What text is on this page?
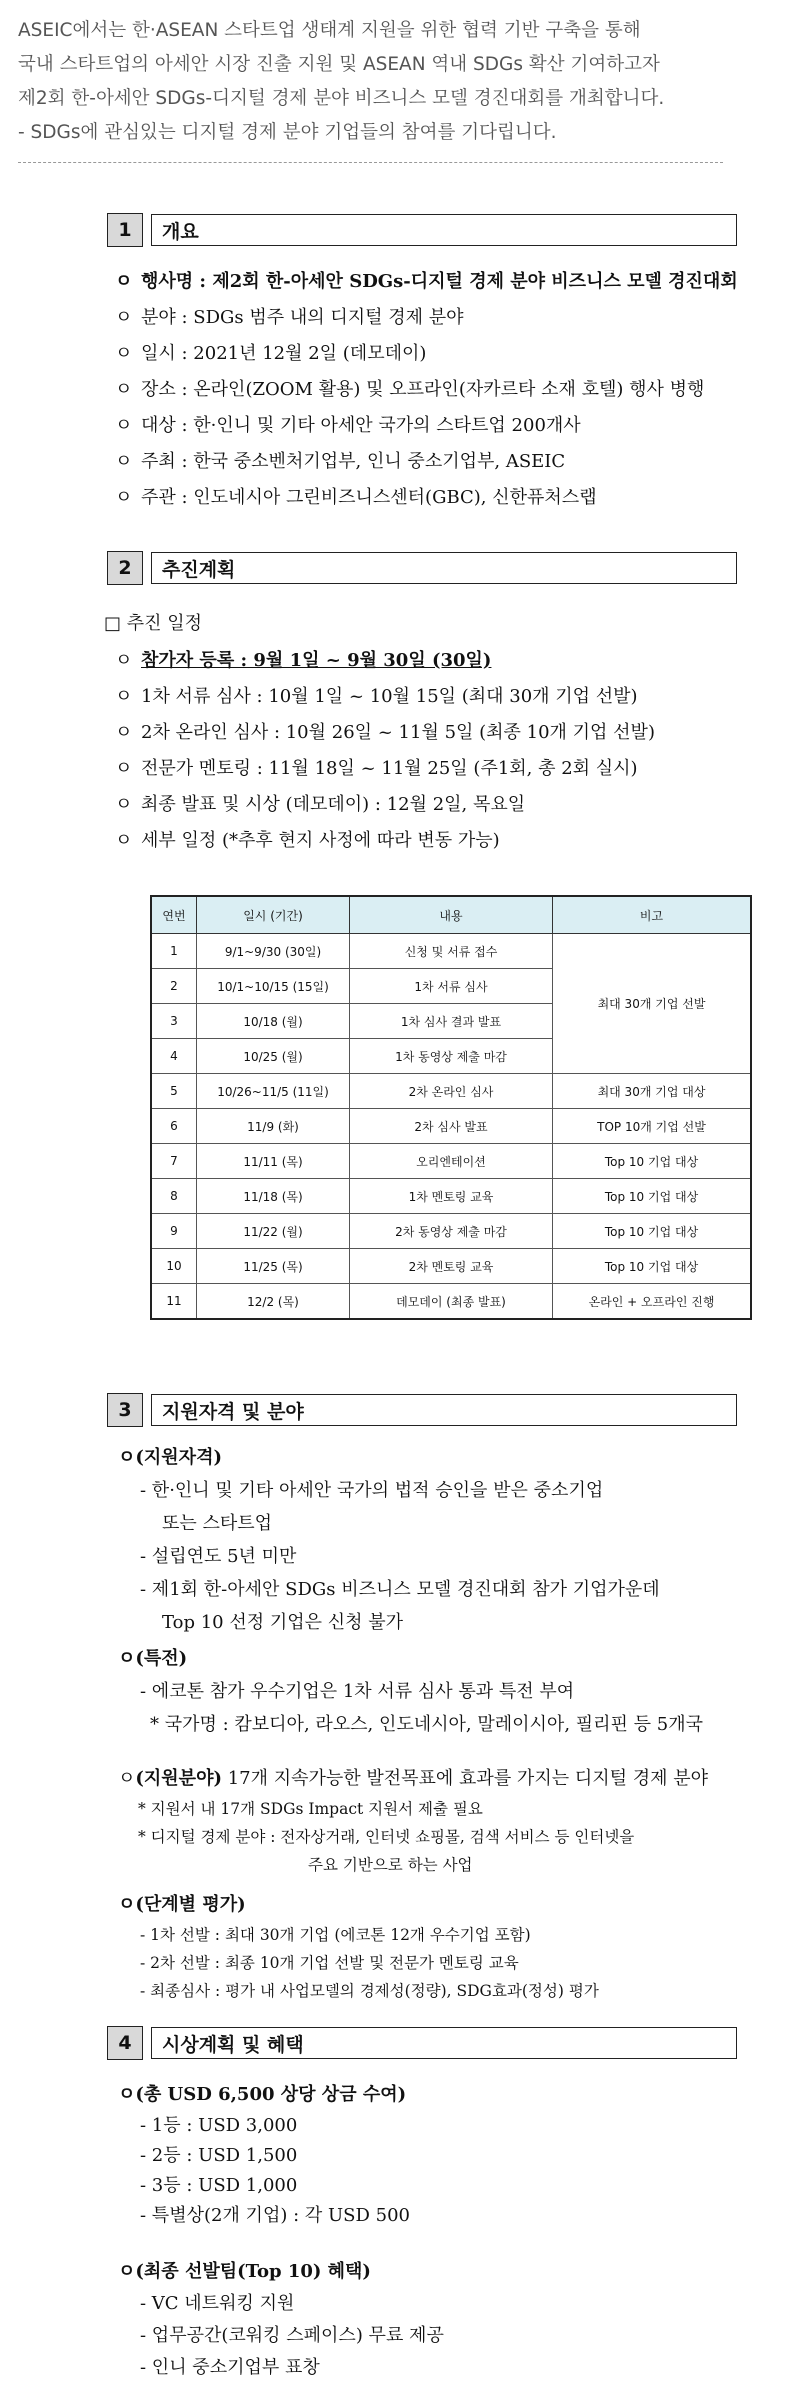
ASEIC에서는 한·ASEAN 스타트업 생태계 지원을 위한 협력 기반 구축을 통해

국내 스타트업의 아세안 시장 진출 지원 및 ASEAN 역내 SDGs 확산 기여하고자

제2회 한-아세안 SDGs-디지털 경제 분야 비즈니스 모델 경진대회를 개최합니다.

- SDGs에 관심있는 디지털 경제 분야 기업들의 참여를 기다립니다.

1	개요
ㅇ 행사명 : 제2회 한-아세안 SDGs-디지털 경제 분야 비즈니스 모델 경진대회
ㅇ 분야 : SDGs 범주 내의 디지털 경제 분야
ㅇ 일시 : 2021년 12월 2일 (데모데이)
ㅇ 장소 : 온라인(ZOOM 활용) 및 오프라인(자카르타 소재 호텔) 행사 병행
ㅇ 대상 : 한·인니 및 기타 아세안 국가의 스타트업 200개사
ㅇ 주최 : 한국 중소벤처기업부, 인니 중소기업부, ASEIC
ㅇ 주관 : 인도네시아 그린비즈니스센터(GBC), 신한퓨처스랩
2	추진계획
□ 추진 일정
ㅇ 참가자 등록 : 9월 1일 ~ 9월 30일 (30일)
ㅇ 1차 서류 심사 : 10월 1일 ~ 10월 15일 (최대 30개 기업 선발)
ㅇ 2차 온라인 심사 : 10월 26일 ~ 11월 5일 (최종 10개 기업 선발)
ㅇ 전문가 멘토링 : 11월 18일 ~ 11월 25일 (주1회, 총 2회 실시)
ㅇ 최종 발표 및 시상 (데모데이) : 12월 2일, 목요일
ㅇ 세부 일정 (*추후 현지 사정에 따라 변동 가능)
연번	일시 (기간)	내용	비고
1	9/1~9/30 (30일)	신청 및 서류 접수	최대 30개 기업 선발
2	10/1~10/15 (15일)	1차 서류 심사	
3	10/18 (월)	1차 심사 결과 발표	
4	10/25 (월)	1차 동영상 제출 마감	
5	10/26~11/5 (11일)	2차 온라인 심사	최대 30개 기업 대상
6	11/9 (화)	2차 심사 발표	TOP 10개 기업 선발
7	11/11 (목)	오리엔테이션	Top 10 기업 대상
8	11/18 (목)	1차 멘토링 교육	Top 10 기업 대상
9	11/22 (월)	2차 동영상 제출 마감	Top 10 기업 대상
10	11/25 (목)	2차 멘토링 교육	Top 10 기업 대상
11	12/2 (목)	데모데이 (최종 발표)	온라인 + 오프라인 진행
3	지원자격 및 분야
ㅇ(지원자격)
- 한·인니 및 기타 아세안 국가의 법적 승인을 받은 중소기업
또는 스타트업
- 설립연도 5년 미만
- 제1회 한-아세안 SDGs 비즈니스 모델 경진대회 참가 기업가운데
Top 10 선정 기업은 신청 불가
ㅇ(특전)
- 에코톤 참가 우수기업은 1차 서류 심사 통과 특전 부여
* 국가명 : 캄보디아, 라오스, 인도네시아, 말레이시아, 필리핀 등 5개국
ㅇ(지원분야) 17개 지속가능한 발전목표에 효과를 가지는 디지털 경제 분야
* 지원서 내 17개 SDGs Impact 지원서 제출 필요
* 디지털 경제 분야 : 전자상거래, 인터넷 쇼핑몰, 검색 서비스 등 인터넷을
주요 기반으로 하는 사업
ㅇ(단계별 평가)
- 1차 선발 : 최대 30개 기업 (에코톤 12개 우수기업 포함)
- 2차 선발 : 최종 10개 기업 선발 및 전문가 멘토링 교육
- 최종심사 : 평가 내 사업모델의 경제성(정량), SDG효과(정성) 평가
4	시상계획 및 혜택
ㅇ(총 USD 6,500 상당 상금 수여)
- 1등 : USD 3,000
- 2등 : USD 1,500
- 3등 : USD 1,000
- 특별상(2개 기업) : 각 USD 500
ㅇ(최종 선발팀(Top 10) 혜택)
- VC 네트워킹 지원
- 업무공간(코워킹 스페이스) 무료 제공
- 인니 중소기업부 표창
